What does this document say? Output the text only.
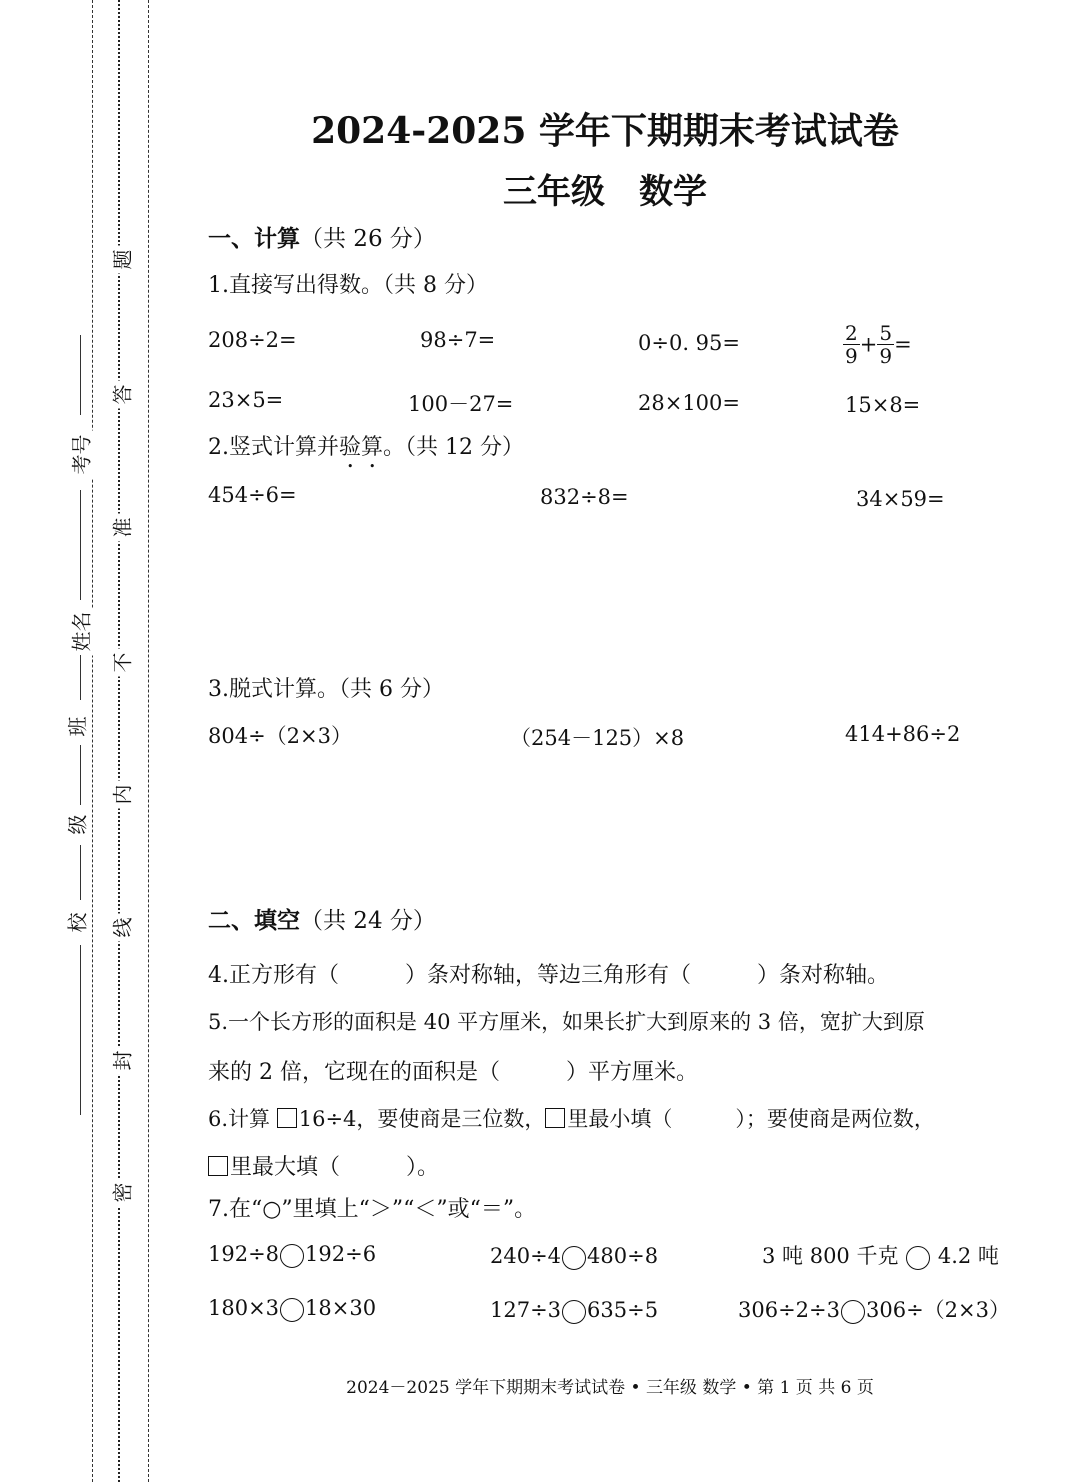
题
答
准
不
内
线
封
密
考号
姓名
班
级
校
2024-2025 学年下期期末考试试卷
三年级　数学
一、计算（共 26 分）
1.直接写出得数。（共 8 分）
208÷2=	98÷7=	0÷0. 95=	$\frac{2}{9} + \frac{5}{9}$ =
23×5=	100－27=	28×100=	15×8=
2.竖式计算并验算。（共 12 分）
454÷6=	832÷8=	34×59=
3.脱式计算。（共 6 分）
804÷（2×3）	（254－125）×8	414+86÷2
二、填空（共 24 分）
4.正方形有（　　　）条对称轴，等边三角形有（　　　）条对称轴。
5.一个长方形的面积是 40 平方厘米，如果长扩大到原来的 3 倍，宽扩大到原
来的 2 倍，它现在的面积是（　　　）平方厘米。
6.计算 16÷4，要使商是三位数， 里最小填（　　　）；要使商是两位数，
里最大填（　　　）。
7.在“○”里填上“＞”“＜”或“＝”。
192÷8 192÷6	240÷4 480÷8	3 吨 800 千克  4.2 吨
180×3 18×30	127÷3 635÷5	306÷2÷3 306÷（2×3）
2024－2025 学年下期期末考试试卷 • 三年级 数学 • 第 1 页 共 6 页
